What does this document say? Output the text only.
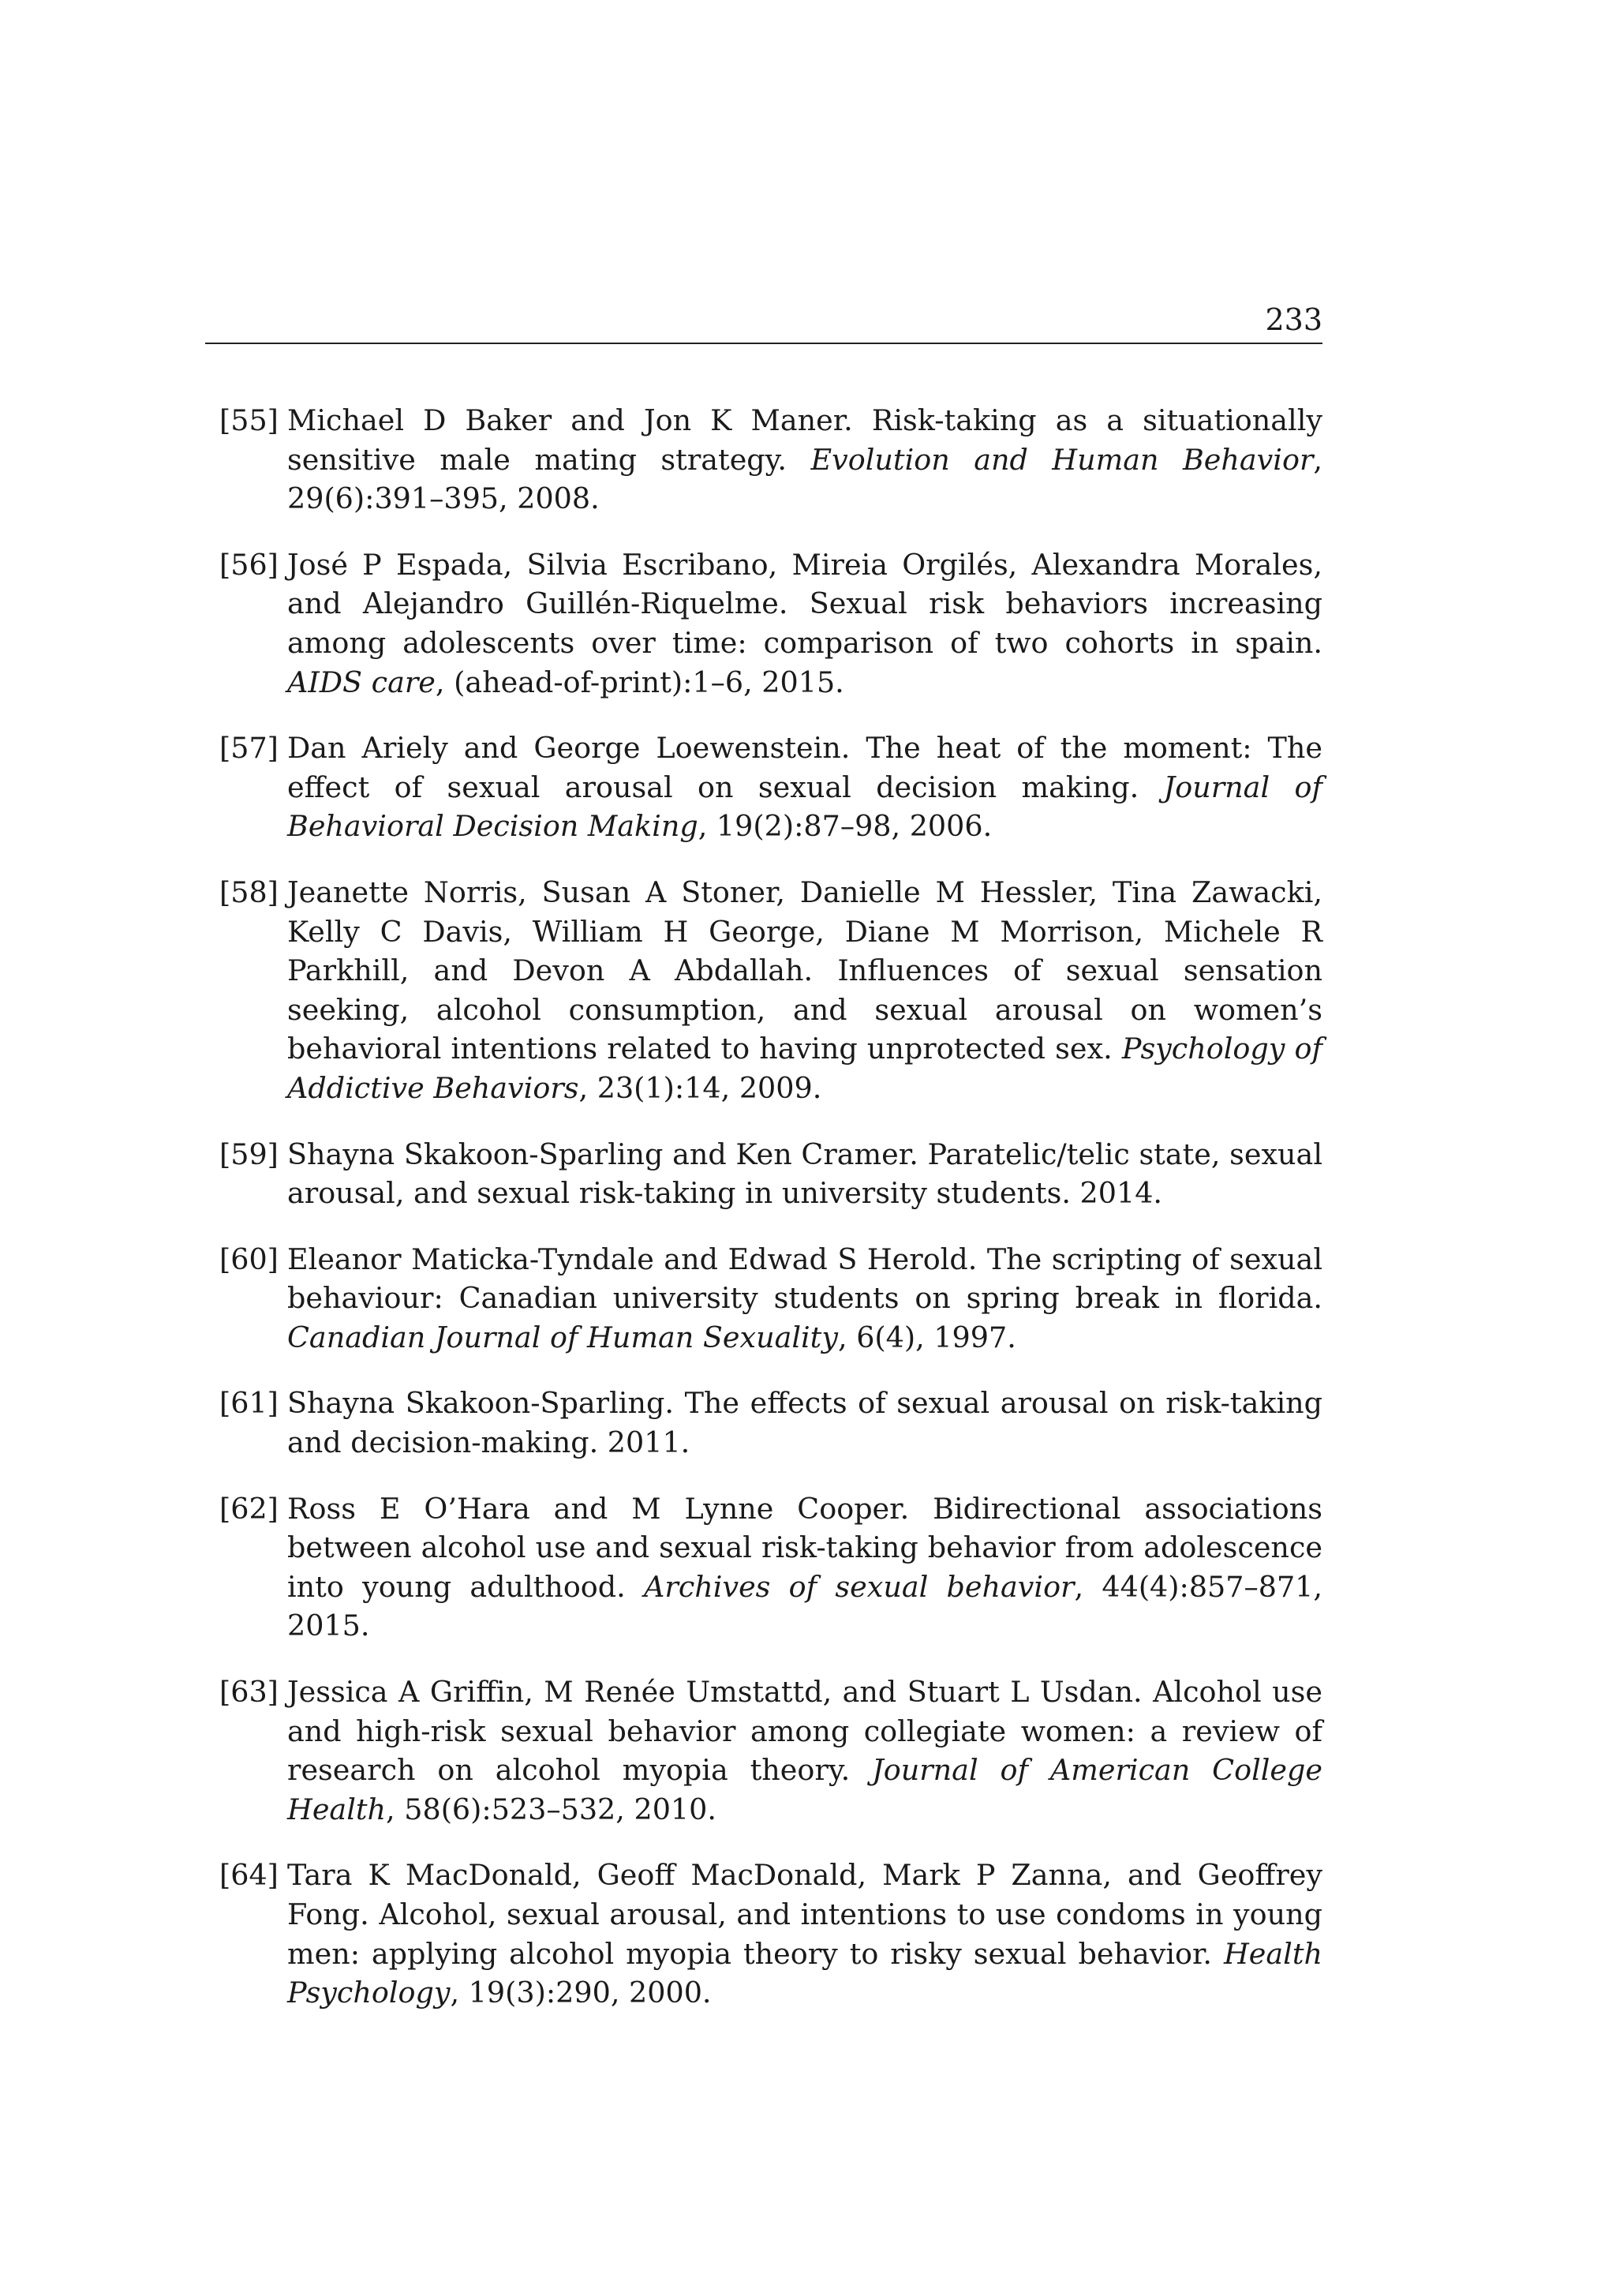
233
[55] Michael D Baker and Jon K Maner. Risk-taking as a situationally sensitive male mating strategy. Evolution and Human Behavior, 29(6):391–395, 2008.
[56] José P Espada, Silvia Escribano, Mireia Orgilés, Alexandra Morales, and Alejandro Guillén-Riquelme. Sexual risk behaviors increasing among adolescents over time: comparison of two cohorts in spain. AIDS care, (ahead-of-print):1–6, 2015.
[57] Dan Ariely and George Loewenstein. The heat of the moment: The effect of sexual arousal on sexual decision making. Journal of Behavioral Decision Making, 19(2):87–98, 2006.
[58] Jeanette Norris, Susan A Stoner, Danielle M Hessler, Tina Zawacki, Kelly C Davis, William H George, Diane M Morrison, Michele R Parkhill, and Devon A Abdallah. Influences of sexual sensation seeking, alcohol consumption, and sexual arousal on women’s behavioral intentions related to having unprotected sex. Psychology of Addictive Behaviors, 23(1):14, 2009.
[59] Shayna Skakoon-Sparling and Ken Cramer. Paratelic/telic state, sexual arousal, and sexual risk-taking in university students. 2014.
[60] Eleanor Maticka-Tyndale and Edwad S Herold. The scripting of sexual behaviour: Canadian university students on spring break in florida. Canadian Journal of Human Sexuality, 6(4), 1997.
[61] Shayna Skakoon-Sparling. The effects of sexual arousal on risk-taking and decision-making. 2011.
[62] Ross E O’Hara and M Lynne Cooper. Bidirectional associations between alcohol use and sexual risk-taking behavior from adolescence into young adulthood. Archives of sexual behavior, 44(4):857–871, 2015.
[63] Jessica A Griffin, M Renée Umstattd, and Stuart L Usdan. Alcohol use and high-risk sexual behavior among collegiate women: a review of research on alcohol myopia theory. Journal of American College Health, 58(6):523–532, 2010.
[64] Tara K MacDonald, Geoff MacDonald, Mark P Zanna, and Geoffrey Fong. Alcohol, sexual arousal, and intentions to use condoms in young men: applying alcohol myopia theory to risky sexual behavior. Health Psychology, 19(3):290, 2000.
